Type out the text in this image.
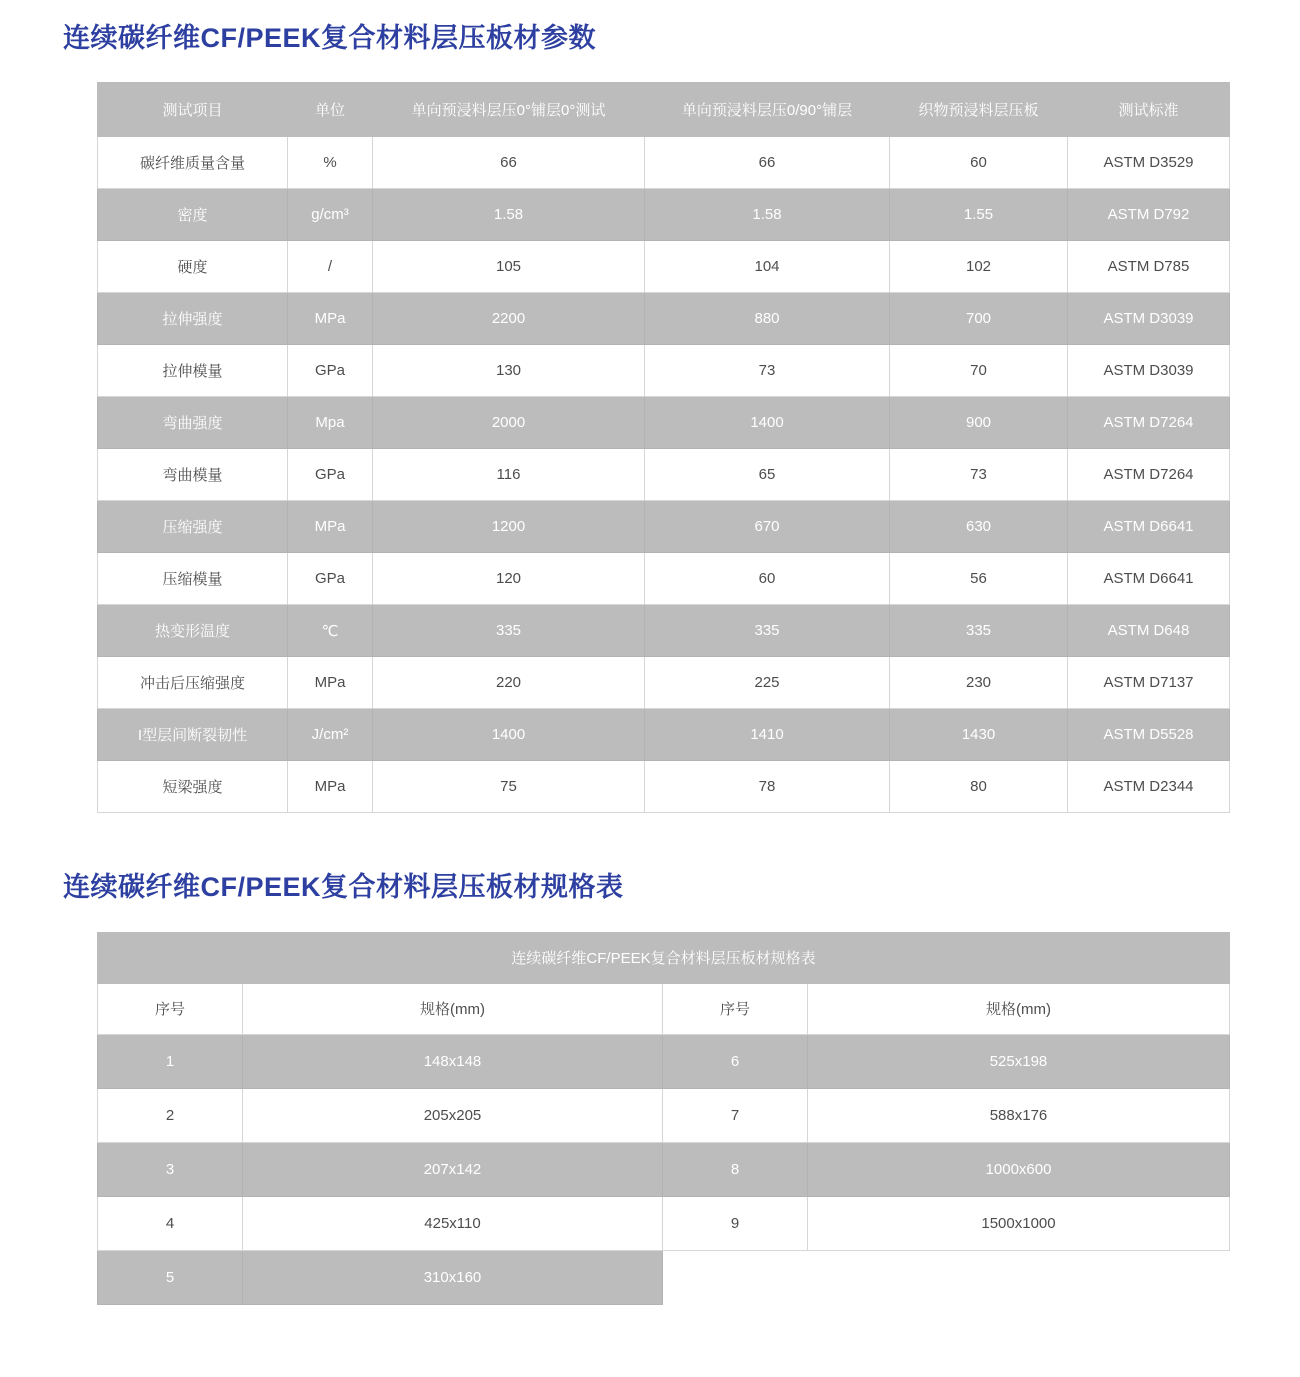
连续碳纤维CF/PEEK复合材料层压板材参数
测试项目	单位	单向预浸料层压0°铺层0°测试	单向预浸料层压0/90°铺层	织物预浸料层压板	测试标准
碳纤维质量含量	%	66	66	60	ASTM D3529
密度	g/cm³	1.58	1.58	1.55	ASTM D792
硬度	/	105	104	102	ASTM D785
拉伸强度	MPa	2200	880	700	ASTM D3039
拉伸模量	GPa	130	73	70	ASTM D3039
弯曲强度	Mpa	2000	1400	900	ASTM D7264
弯曲模量	GPa	116	65	73	ASTM D7264
压缩强度	MPa	1200	670	630	ASTM D6641
压缩模量	GPa	120	60	56	ASTM D6641
热变形温度	℃	335	335	335	ASTM D648
冲击后压缩强度	MPa	220	225	230	ASTM D7137
I型层间断裂韧性	J/cm²	1400	1410	1430	ASTM D5528
短梁强度	MPa	75	78	80	ASTM D2344
连续碳纤维CF/PEEK复合材料层压板材规格表
连续碳纤维CF/PEEK复合材料层压板材规格表			
序号	规格(mm)	序号	规格(mm)
1	148x148	6	525x198
2	205x205	7	588x176
3	207x142	8	1000x600
4	425x110	9	1500x1000
5	310x160		
